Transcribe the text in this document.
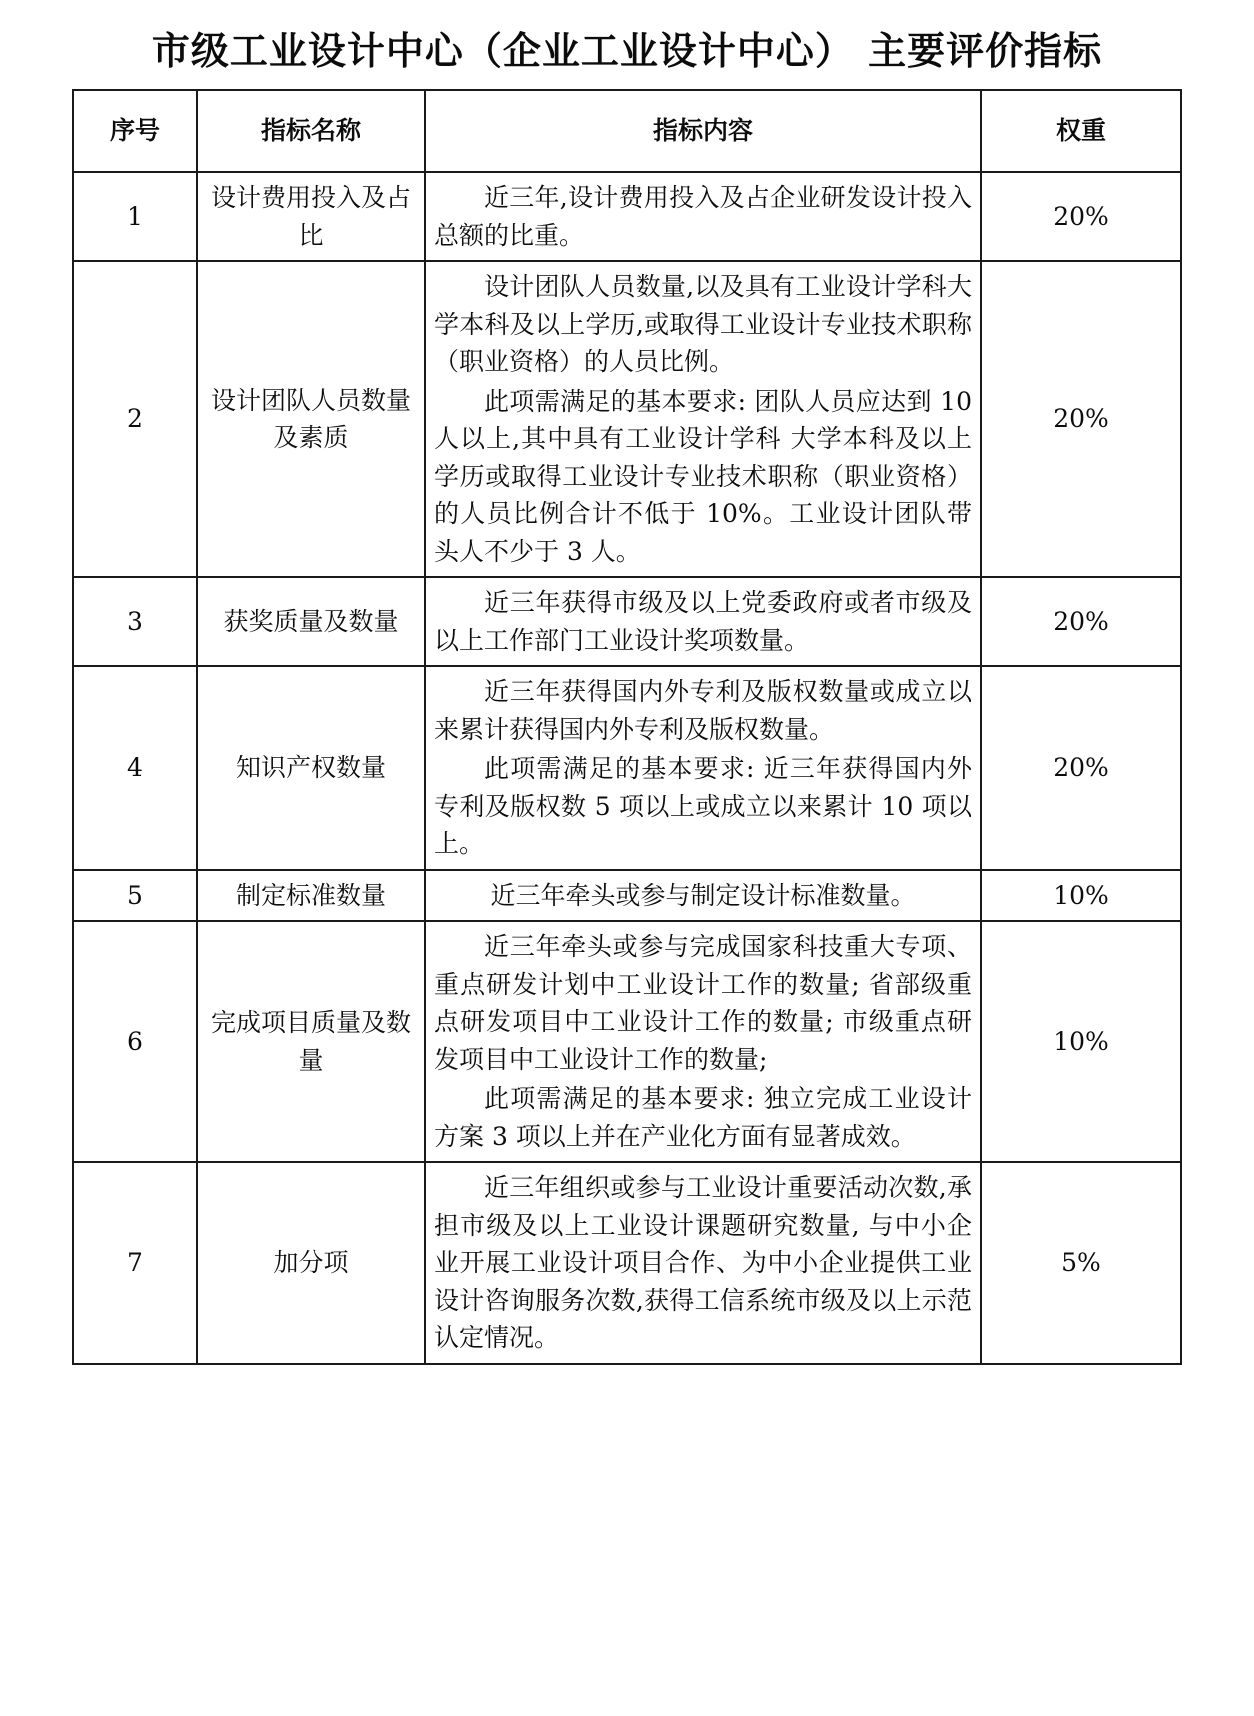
市级工业设计中心（企业工业设计中心） 主要评价指标
序号	指标名称	指标内容	权重
1	设计费用投入及占比	近三年,设计费用投入及占企业研发设计投入总额的比重。	20%
2	设计团队人员数量及素质	设计团队人员数量,以及具有工业设计学科大学本科及以上学历,或取得工业设计专业技术职称（职业资格）的人员比例。

此项需满足的基本要求: 团队人员应达到 10 人以上,其中具有工业设计学科 大学本科及以上学历或取得工业设计专业技术职称（职业资格）的人员比例合计不低于 10%。工业设计团队带头人不少于 3 人。	20%
3	获奖质量及数量	近三年获得市级及以上党委政府或者市级及以上工作部门工业设计奖项数量。	20%
4	知识产权数量	近三年获得国内外专利及版权数量或成立以来累计获得国内外专利及版权数量。

此项需满足的基本要求: 近三年获得国内外专利及版权数 5 项以上或成立以来累计 10 项以上。	20%
5	制定标准数量	近三年牵头或参与制定设计标准数量。	10%
6	完成项目质量及数量	近三年牵头或参与完成国家科技重大专项、重点研发计划中工业设计工作的数量; 省部级重点研发项目中工业设计工作的数量; 市级重点研发项目中工业设计工作的数量;

此项需满足的基本要求: 独立完成工业设计方案 3 项以上并在产业化方面有显著成效。	10%
7	加分项	近三年组织或参与工业设计重要活动次数,承担市级及以上工业设计课题研究数量, 与中小企业开展工业设计项目合作、为中小企业提供工业设计咨询服务次数,获得工信系统市级及以上示范认定情况。	5%
